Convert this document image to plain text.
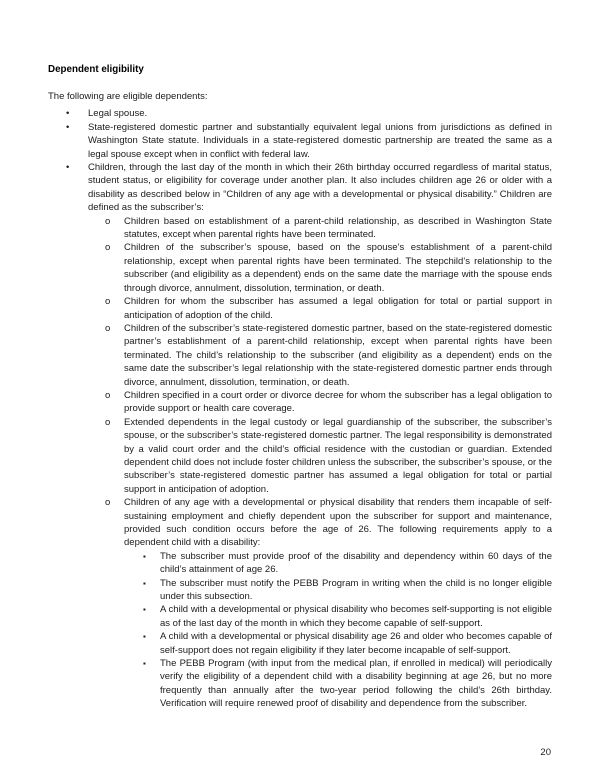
Dependent eligibility

The following are eligible dependents:

•	Legal spouse.
•	State-registered domestic partner and substantially equivalent legal unions from jurisdictions as defined in Washington State statute. Individuals in a state-registered domestic partnership are treated the same as a legal spouse except when in conflict with federal law.
•	Children, through the last day of the month in which their 26th birthday occurred regardless of marital status, student status, or eligibility for coverage under another plan. It also includes children age 26 or older with a disability as described below in “Children of any age with a developmental or physical disability.” Children are defined as the subscriber’s:
o	Children based on establishment of a parent-child relationship, as described in Washington State statutes, except when parental rights have been terminated.
o	Children of the subscriber’s spouse, based on the spouse’s establishment of a parent-child relationship, except when parental rights have been terminated. The stepchild’s relationship to the subscriber (and eligibility as a dependent) ends on the same date the marriage with the spouse ends through divorce, annulment, dissolution, termination, or death.
o	Children for whom the subscriber has assumed a legal obligation for total or partial support in anticipation of adoption of the child.
o	Children of the subscriber’s state-registered domestic partner, based on the state-registered domestic partner’s establishment of a parent-child relationship, except when parental rights have been terminated. The child’s relationship to the subscriber (and eligibility as a dependent) ends on the same date the subscriber’s legal relationship with the state-registered domestic partner ends through divorce, annulment, dissolution, termination, or death.
o	Children specified in a court order or divorce decree for whom the subscriber has a legal obligation to provide support or health care coverage.
o	Extended dependents in the legal custody or legal guardianship of the subscriber, the subscriber’s spouse, or the subscriber’s state-registered domestic partner. The legal responsibility is demonstrated by a valid court order and the child’s official residence with the custodian or guardian. Extended dependent child does not include foster children unless the subscriber, the subscriber’s spouse, or the subscriber’s state-registered domestic partner has assumed a legal obligation for total or partial support in anticipation of adoption.
o	Children of any age with a developmental or physical disability that renders them incapable of self-sustaining employment and chiefly dependent upon the subscriber for support and maintenance, provided such condition occurs before the age of 26. The following requirements apply to a dependent child with a disability:
▪	The subscriber must provide proof of the disability and dependency within 60 days of the child’s attainment of age 26.
▪	The subscriber must notify the PEBB Program in writing when the child is no longer eligible under this subsection.
▪	A child with a developmental or physical disability who becomes self-supporting is not eligible as of the last day of the month in which they become capable of self-support.
▪	A child with a developmental or physical disability age 26 and older who becomes capable of self-support does not regain eligibility if they later become incapable of self-support.
▪	The PEBB Program (with input from the medical plan, if enrolled in medical) will periodically verify the eligibility of a dependent child with a disability beginning at age 26, but no more frequently than annually after the two-year period following the child’s 26th birthday. Verification will require renewed proof of disability and dependence from the subscriber.
20
